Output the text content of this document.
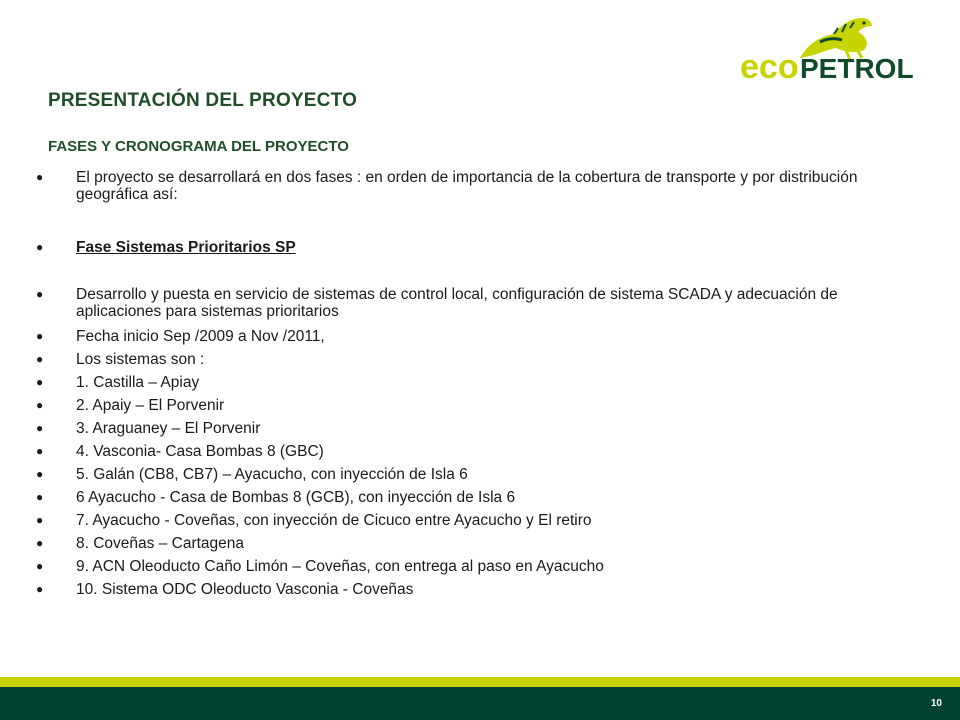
eco PETROL
PRESENTACIÓN DEL PROYECTO
FASES Y CRONOGRAMA DEL PROYECTO
●	El proyecto se desarrollará en dos fases : en orden de importancia de la cobertura de transporte y por distribución geográfica así:
●	Fase Sistemas Prioritarios SP
●	Desarrollo y puesta en servicio de sistemas de control local, configuración de sistema SCADA y adecuación de aplicaciones para sistemas prioritarios
●	Fecha inicio Sep /2009 a Nov /2011,
●	Los sistemas son :
●	1. Castilla – Apiay
●	2. Apaiy – El Porvenir
●	3. Araguaney – El Porvenir
●	4. Vasconia- Casa Bombas 8 (GBC)
●	5. Galán (CB8, CB7) – Ayacucho, con inyección de Isla 6
●	6 Ayacucho - Casa de Bombas 8 (GCB), con inyección de Isla 6
●	7. Ayacucho - Coveñas, con inyección de Cicuco entre Ayacucho y El retiro
●	8. Coveñas – Cartagena
●	9. ACN Oleoducto Caño Limón – Coveñas, con entrega al paso en Ayacucho
●	10. Sistema ODC Oleoducto Vasconia - Coveñas
10
